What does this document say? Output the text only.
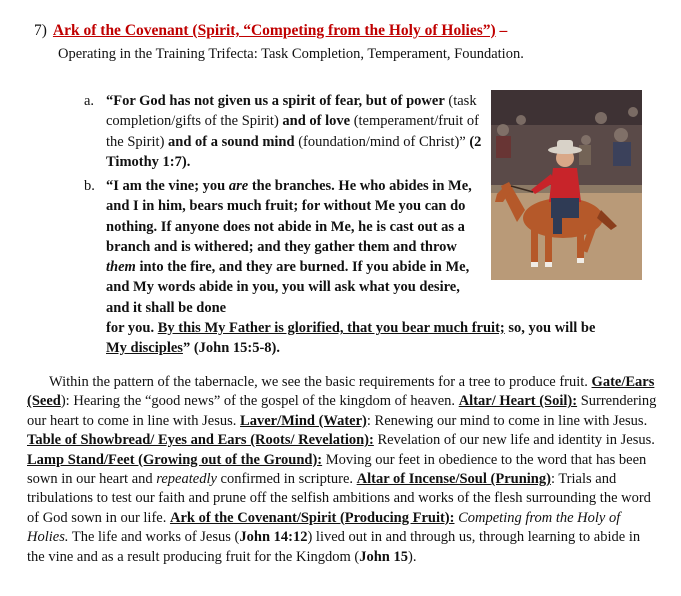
7) Ark of the Covenant (Spirit, “Competing from the Holy of Holies”) –
Operating in the Training Trifecta: Task Completion, Temperament, Foundation.
a. “For God has not given us a spirit of fear, but of power (task completion/gifts of the Spirit) and of love (temperament/fruit of the Spirit) and of a sound mind (foundation/mind of Christ)” (2 Timothy 1:7).
b. “I am the vine; you are the branches. He who abides in Me, and I in him, bears much fruit; for without Me you can do nothing. If anyone does not abide in Me, he is cast out as a branch and is withered; and they gather them and throw them into the fire, and they are burned. If you abide in Me, and My words abide in you, you will ask what you desire, and it shall be done
for you. By this My Father is glorified, that you bear much fruit; so, you will be
My disciples” (John 15:5-8).
Within the pattern of the tabernacle, we see the basic requirements for a tree to produce fruit. Gate/Ears (Seed): Hearing the “good news” of the gospel of the kingdom of heaven. Altar/ Heart (Soil): Surrendering our heart to come in line with Jesus. Laver/Mind (Water): Renewing our mind to come in line with Jesus. Table of Showbread/ Eyes and Ears (Roots/ Revelation): Revelation of our new life and identity in Jesus. Lamp Stand/Feet (Growing out of the Ground): Moving our feet in obedience to the word that has been sown in our heart and repeatedly confirmed in scripture. Altar of Incense/Soul (Pruning): Trials and tribulations to test our faith and prune off the selfish ambitions and works of the flesh surrounding the word of God sown in our life. Ark of the Covenant/Spirit (Producing Fruit): Competing from the Holy of Holies. The life and works of Jesus (John 14:12) lived out in and through us, through learning to abide in the vine and as a result producing fruit for the Kingdom (John 15).
